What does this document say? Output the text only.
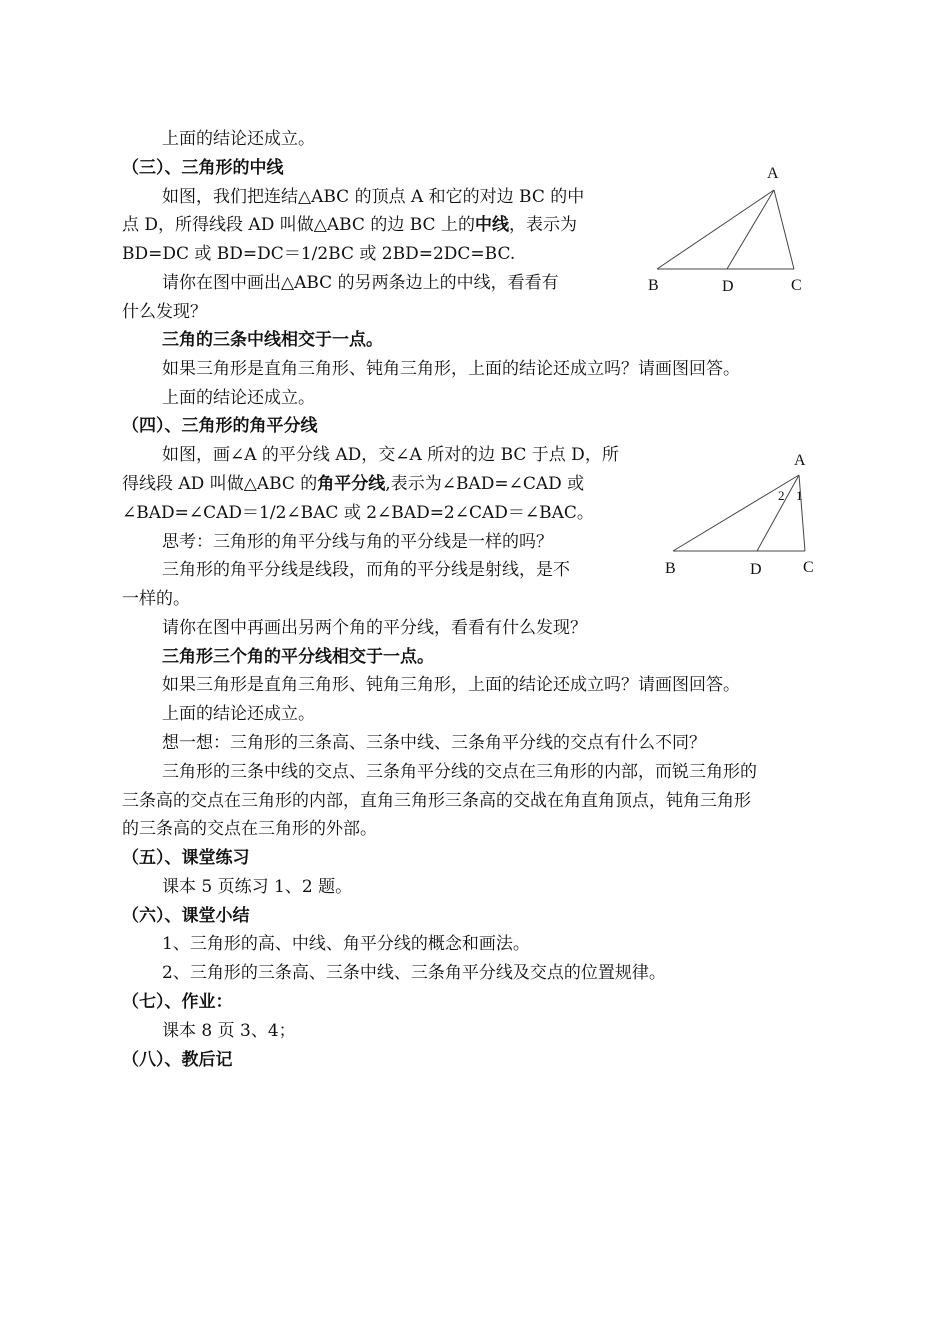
上面的结论还成立。
（三）、三角形的中线
如图，我们把连结△ABC 的顶点 A 和它的对边 BC 的中
点 D，所得线段 AD 叫做△ABC 的边 BC 上的中线，表示为
BD=DC 或 BD=DC＝1/2BC 或 2BD=2DC=BC.
请你在图中画出△ABC 的另两条边上的中线，看看有
什么发现？
三角的三条中线相交于一点。
如果三角形是直角三角形、钝角三角形，上面的结论还成立吗？请画图回答。
上面的结论还成立。
（四）、三角形的角平分线
如图，画∠A 的平分线 AD，交∠A 所对的边 BC 于点 D，所
得线段 AD 叫做△ABC 的角平分线,表示为∠BAD=∠CAD 或
∠BAD=∠CAD＝1/2∠BAC 或 2∠BAD=2∠CAD＝∠BAC。
思考：三角形的角平分线与角的平分线是一样的吗？
三角形的角平分线是线段，而角的平分线是射线，是不
一样的。
请你在图中再画出另两个角的平分线，看看有什么发现？
三角形三个角的平分线相交于一点。
如果三角形是直角三角形、钝角三角形，上面的结论还成立吗？请画图回答。
上面的结论还成立。
想一想：三角形的三条高、三条中线、三条角平分线的交点有什么不同？
三角形的三条中线的交点、三条角平分线的交点在三角形的内部，而锐三角形的
三条高的交点在三角形的内部，直角三角形三条高的交战在角直角顶点，钝角三角形
的三条高的交点在三角形的外部。
（五）、课堂练习
课本 5 页练习 1、2 题。
（六）、课堂小结
1、三角形的高、中线、角平分线的概念和画法。
2、三角形的三条高、三条中线、三条角平分线及交点的位置规律。
（七）、作业：
课本 8 页 3、4；
（八）、教后记
A
B	D	C
A
2 1
B	D	C
